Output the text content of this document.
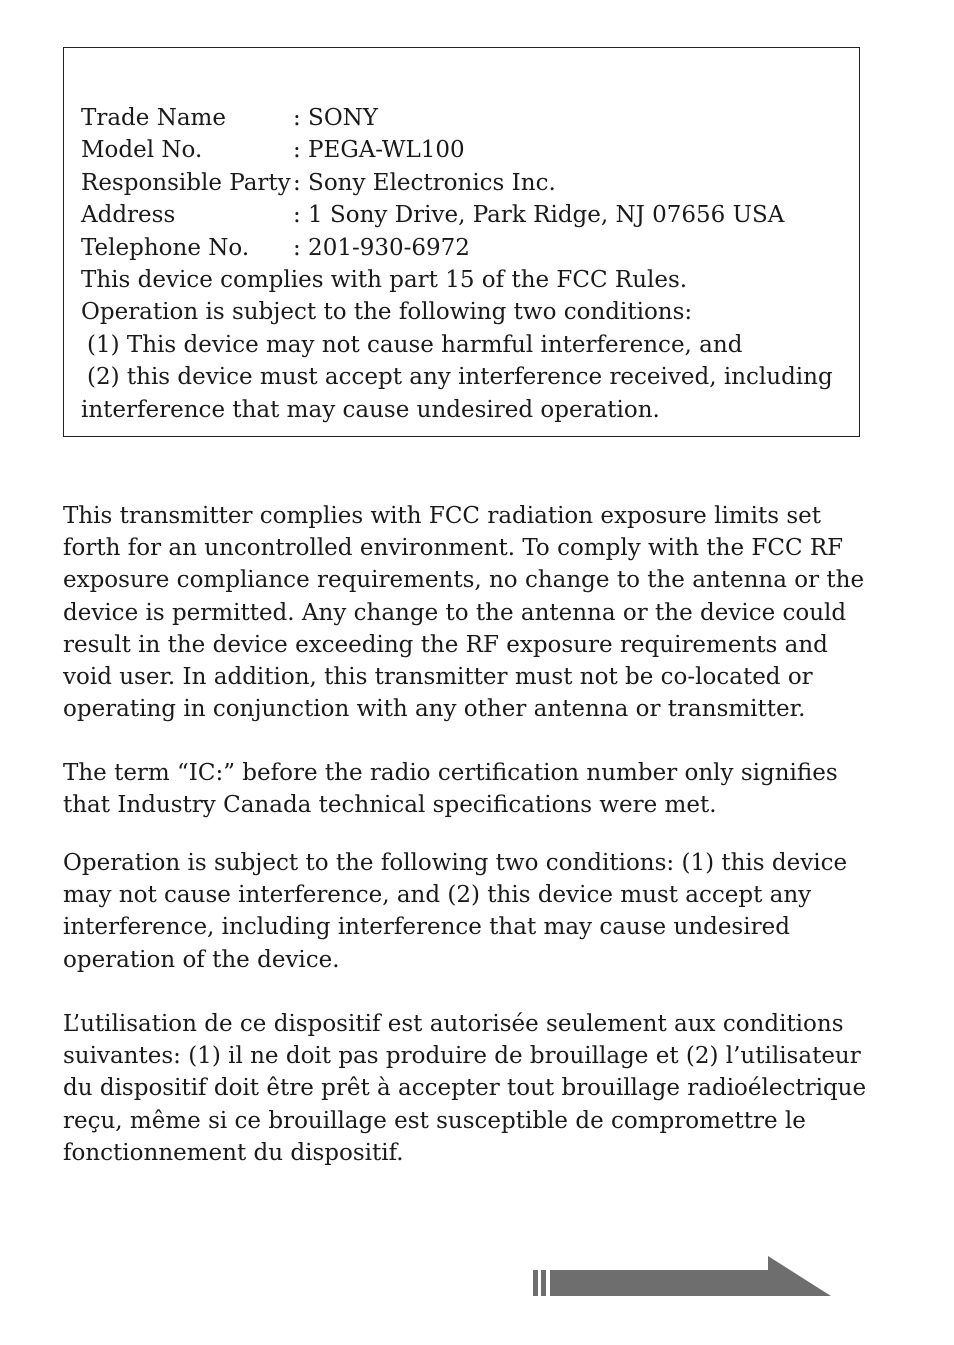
Trade Name	: SONY
Model No.	: PEGA-WL100
Responsible Party : Sony Electronics Inc.
Address	: 1 Sony Drive, Park Ridge, NJ 07656 USA
Telephone No.	: 201-930-6972
This device complies with part 15 of the FCC Rules.
Operation is subject to the following two conditions:
(1) This device may not cause harmful interference, and
(2) this device must accept any interference received, including
interference that may cause undesired operation.

This transmitter complies with FCC radiation exposure limits set forth for an uncontrolled environment. To comply with the FCC RF exposure compliance requirements, no change to the antenna or the device is permitted. Any change to the antenna or the device could result in the device exceeding the RF exposure requirements and void user. In addition, this transmitter must not be co-located or operating in conjunction with any other antenna or transmitter.

The term “IC:” before the radio certification number only signifies that Industry Canada technical specifications were met.

Operation is subject to the following two conditions: (1) this device may not cause interference, and (2) this device must accept any interference, including interference that may cause undesired operation of the device.

L’utilisation de ce dispositif est autorisée seulement aux conditions suivantes: (1) il ne doit pas produire de brouillage et (2) l’utilisateur du dispositif doit être prêt à accepter tout brouillage radioélectrique reçu, même si ce brouillage est susceptible de compromettre le fonctionnement du dispositif.
